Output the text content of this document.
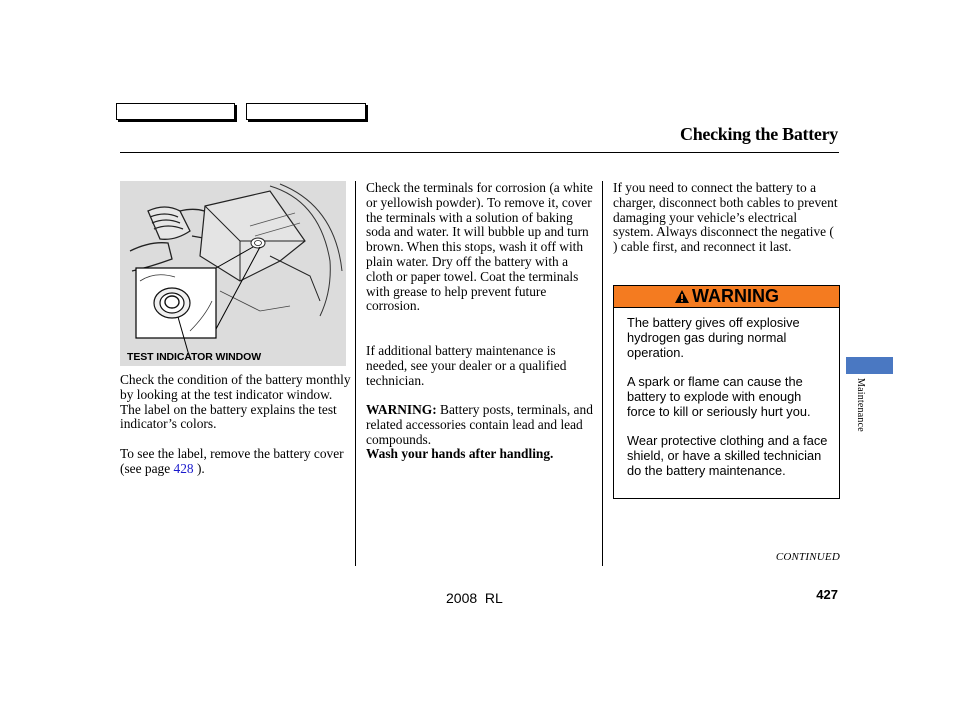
Checking the Battery
TEST INDICATOR WINDOW
Check the condition of the battery monthly by looking at the test indicator window. The label on the battery explains the test indicator’s colors.
To see the label, remove the battery cover (see page 428 ).
Check the terminals for corrosion (a white or yellowish powder). To remove it, cover the terminals with a solution of baking soda and water. It will bubble up and turn brown. When this stops, wash it off with plain water. Dry off the battery with a cloth or paper towel. Coat the terminals with grease to help prevent future corrosion.
If additional battery maintenance is needed, see your dealer or a qualified technician.
WARNING: Battery posts, terminals, and related accessories contain lead and lead compounds.
Wash your hands after handling.
If you need to connect the battery to a charger, disconnect both cables to prevent damaging your vehicle’s electrical system. Always disconnect the negative ( ) cable first, and reconnect it last.
WARNING
The battery gives off explosive hydrogen gas during normal operation.
A spark or flame can cause the battery to explode with enough force to kill or seriously hurt you.
Wear protective clothing and a face shield, or have a skilled technician do the battery maintenance.
Maintenance
CONTINUED
427
2008  RL
